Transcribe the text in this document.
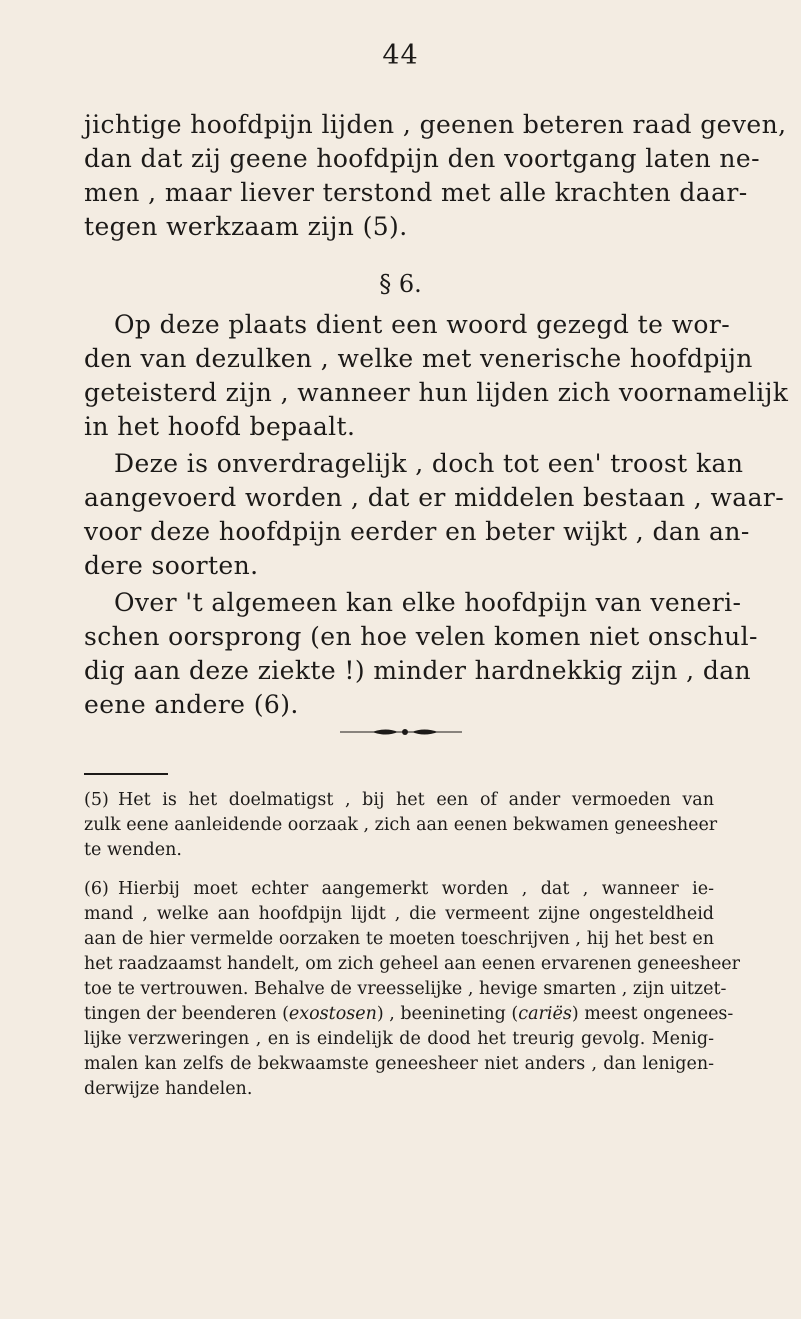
44
jichtige hoofdpijn lijden , geenen beteren raad geven,
dan dat zij geene hoofdpijn den voortgang laten ne-
men , maar liever terstond met alle krachten daar-
tegen werkzaam zijn (5).
§ 6.
Op deze plaats dient een woord gezegd te wor-
den van dezulken , welke met venerische hoofdpijn
geteisterd zijn , wanneer hun lijden zich voornamelijk
in het hoofd bepaalt.
Deze is onverdragelijk , doch tot een' troost kan
aangevoerd worden , dat er middelen bestaan , waar-
voor deze hoofdpijn eerder en beter wijkt , dan an-
dere soorten.
Over 't algemeen kan elke hoofdpijn van veneri-
schen oorsprong (en hoe velen komen niet onschul-
dig aan deze ziekte !) minder hardnekkig zijn , dan
eene andere (6).
(5) Het is het doelmatigst , bij het een of ander vermoeden van
zulk eene aanleidende oorzaak , zich aan eenen bekwamen geneesheer
te wenden.
(6) Hierbij moet echter aangemerkt worden , dat , wanneer ie-
mand , welke aan hoofdpijn lijdt , die vermeent zijne ongesteldheid
aan de hier vermelde oorzaken te moeten toeschrijven , hij het best en
het raadzaamst handelt, om zich geheel aan eenen ervarenen geneesheer
toe te vertrouwen. Behalve de vreesselijke , hevige smarten , zijn uitzet-
tingen der beenderen (exostosen) , beenineting (cariës) meest ongenees-
lijke verzweringen , en is eindelijk de dood het treurig gevolg. Menig-
malen kan zelfs de bekwaamste geneesheer niet anders , dan lenigen-
derwijze handelen.
